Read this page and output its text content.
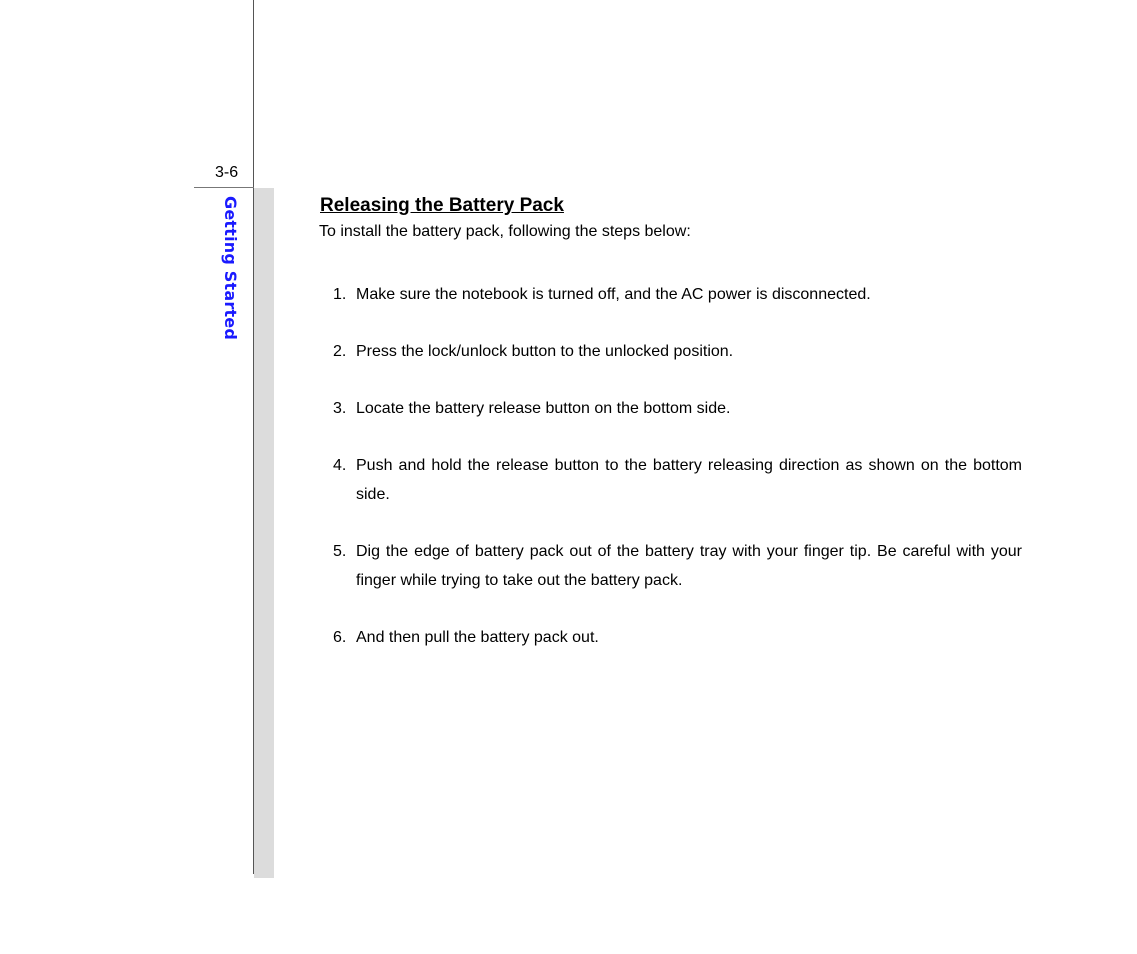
3-6
Getting Started	Releasing the Battery Pack

To install the battery pack, following the steps below:

1. Make sure the notebook is turned off, and the AC power is disconnected.
2. Press the lock/unlock button to the unlocked position.
3. Locate the battery release button on the bottom side.
4. Push and hold the release button to the battery releasing direction as shown on the bottom side.
5. Dig the edge of battery pack out of the battery tray with your finger tip. Be careful with your finger while trying to take out the battery pack.
6. And then pull the battery pack out.
